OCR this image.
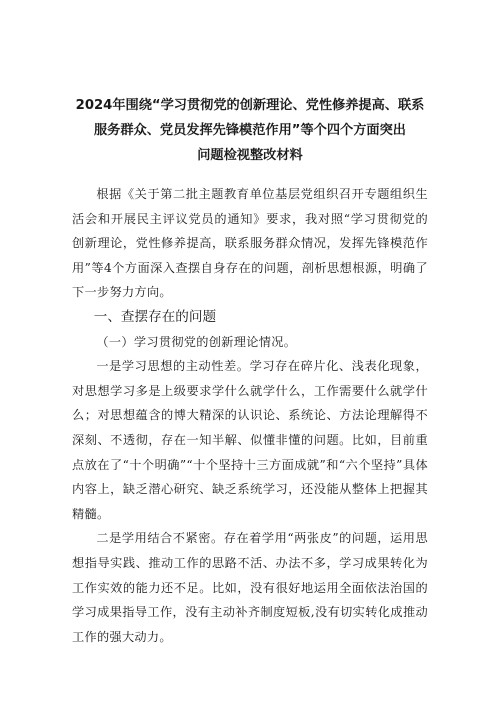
2024年围绕“学习贯彻党的创新理论、党性修养提高、联系
服务群众、党员发挥先锋模范作用”等个四个方面突出
问题检视整改材料

根据《关于第二批主题教育单位基层党组织召开专题组织生活会和开展民主评议党员的通知》要求，我对照“学习贯彻党的创新理论，党性修养提高，联系服务群众情况，发挥先锋模范作用”等4个方面深入查摆自身存在的问题，剖析思想根源，明确了下一步努力方向。

一、查摆存在的问题

（一）学习贯彻党的创新理论情况。

一是学习思想的主动性差。学习存在碎片化、浅表化现象，对思想学习多是上级要求学什么就学什么，工作需要什么就学什么；对思想蕴含的博大精深的认识论、系统论、方法论理解得不深刻、不透彻，存在一知半解、似懂非懂的问题。比如，目前重点放在了“十个明确”“十个坚持十三方面成就”和“六个坚持”具体内容上，缺乏潜心研究、缺乏系统学习，还没能从整体上把握其精髓。

二是学用结合不紧密。存在着学用“两张皮”的问题，运用思想指导实践、推动工作的思路不活、办法不多，学习成果转化为工作实效的能力还不足。比如，没有很好地运用全面依法治国的学习成果指导工作，没有主动补齐制度短板,没有切实转化成推动工作的强大动力。
